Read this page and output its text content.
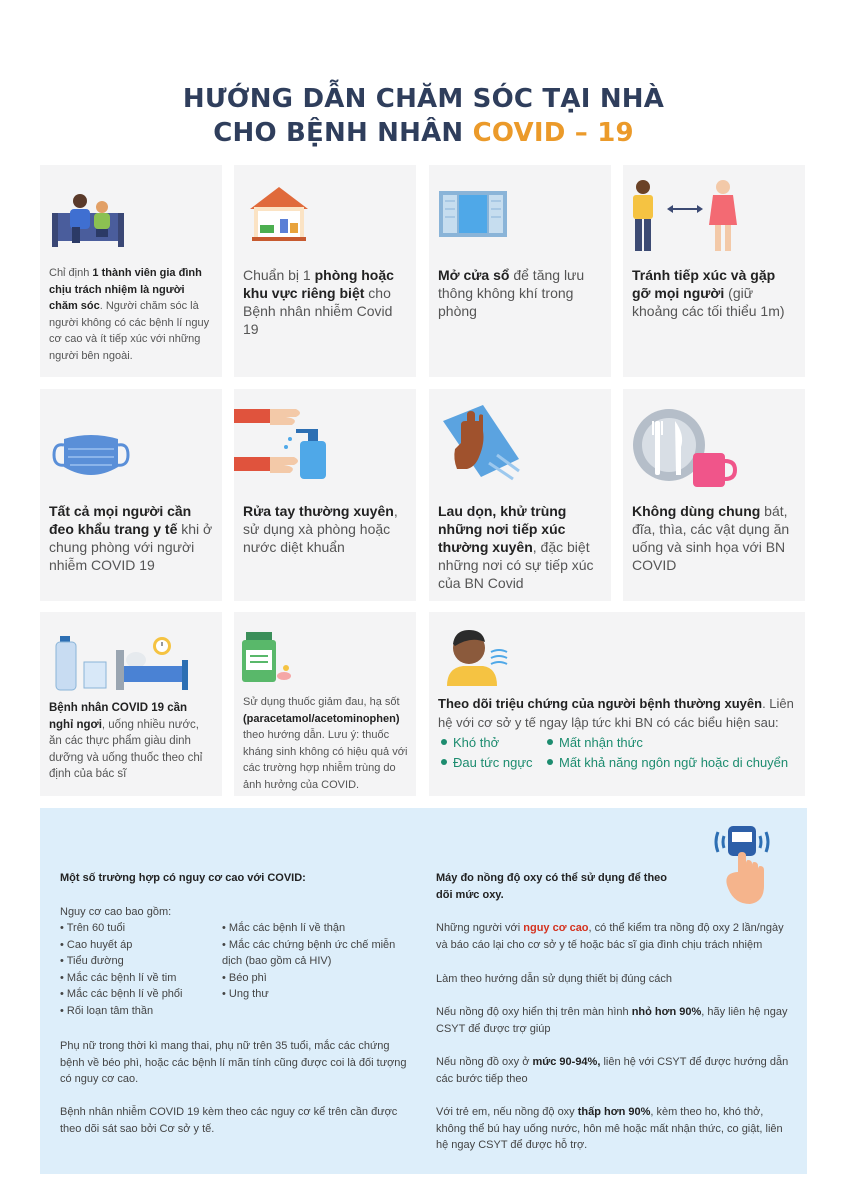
HƯỚNG DẪN CHĂM SÓC TẠI NHÀ
CHO BỆNH NHÂN COVID – 19
Chỉ định 1 thành viên gia đình chịu trách nhiệm là người chăm sóc. Người chăm sóc là người không có các bệnh lí nguy cơ cao và ít tiếp xúc với những người bên ngoài.
Chuẩn bị 1 phòng hoặc khu vực riêng biệt cho Bệnh nhân nhiễm Covid 19
Mở cửa sổ để tăng lưu thông không khí trong phòng
Tránh tiếp xúc và gặp gỡ mọi người (giữ khoảng các tối thiểu 1m)
Tất cả mọi người cần đeo khẩu trang y tế khi ở chung phòng với người nhiễm COVID 19
Rửa tay thường xuyên, sử dụng xà phòng hoặc nước diệt khuẩn
Lau dọn, khử trùng những nơi tiếp xúc thường xuyên, đặc biệt những nơi có sự tiếp xúc của BN Covid
Không dùng chung bát, đĩa, thìa, các vật dụng ăn uống và sinh họa với BN COVID
Bệnh nhân COVID 19 cần nghỉ ngơi, uống nhiều nước, ăn các thực phẩm giàu dinh dưỡng và uống thuốc theo chỉ định của bác sĩ
Sử dụng thuốc giảm đau, hạ sốt (paracetamol/acetominophen) theo hướng dẫn. Lưu ý: thuốc kháng sinh không có hiệu quả với các trường hợp nhiễm trùng do ảnh hưởng của COVID.
Theo dõi triệu chứng của người bệnh thường xuyên. Liên hệ với cơ sở y tế ngay lập tức khi BN có các biểu hiện sau:
Khó thở	Mất nhận thức
Đau tức ngực	Mất khả năng ngôn ngữ hoặc di chuyển
Một số trường hợp có nguy cơ cao với COVID:
Nguy cơ cao bao gồm:
• Trên 60 tuổi
• Cao huyết áp
• Tiểu đường
• Mắc các bệnh lí về tim
• Mắc các bệnh lí về phổi
• Rối loạn tâm thần
• Mắc các bệnh lí về thận
• Mắc các chứng bệnh ức chế miễn dịch (bao gồm cả HIV)
• Béo phì
• Ung thư
Phụ nữ trong thời kì mang thai, phụ nữ trên 35 tuổi, mắc các chứng bệnh về béo phì, hoặc các bệnh lí mãn tính cũng được coi là đối tượng có nguy cơ cao.
Bệnh nhân nhiễm COVID 19 kèm theo các nguy cơ kể trên cần được theo dõi sát sao bởi Cơ sở y tế.
Máy đo nồng độ oxy có thể sử dụng để theo dõi mức oxy.
Những người với nguy cơ cao, có thể kiểm tra nồng độ oxy 2 lần/ngày và báo cáo lại cho cơ sở y tế hoặc bác sĩ gia đình chịu trách nhiệm
Làm theo hướng dẫn sử dụng thiết bị đúng cách
Nếu nồng độ oxy hiển thị trên màn hình nhỏ hơn 90%, hãy liên hệ ngay CSYT để được trợ giúp
Nếu nồng đồ oxy ở mức 90-94%, liên hệ với CSYT để được hướng dẫn các bước tiếp theo
Với trẻ em, nếu nồng độ oxy thấp hơn 90%, kèm theo ho, khó thở, không thể bú hay uống nước, hôn mê hoặc mất nhận thức, co giật, liên hệ ngay CSYT để được hỗ trợ.
